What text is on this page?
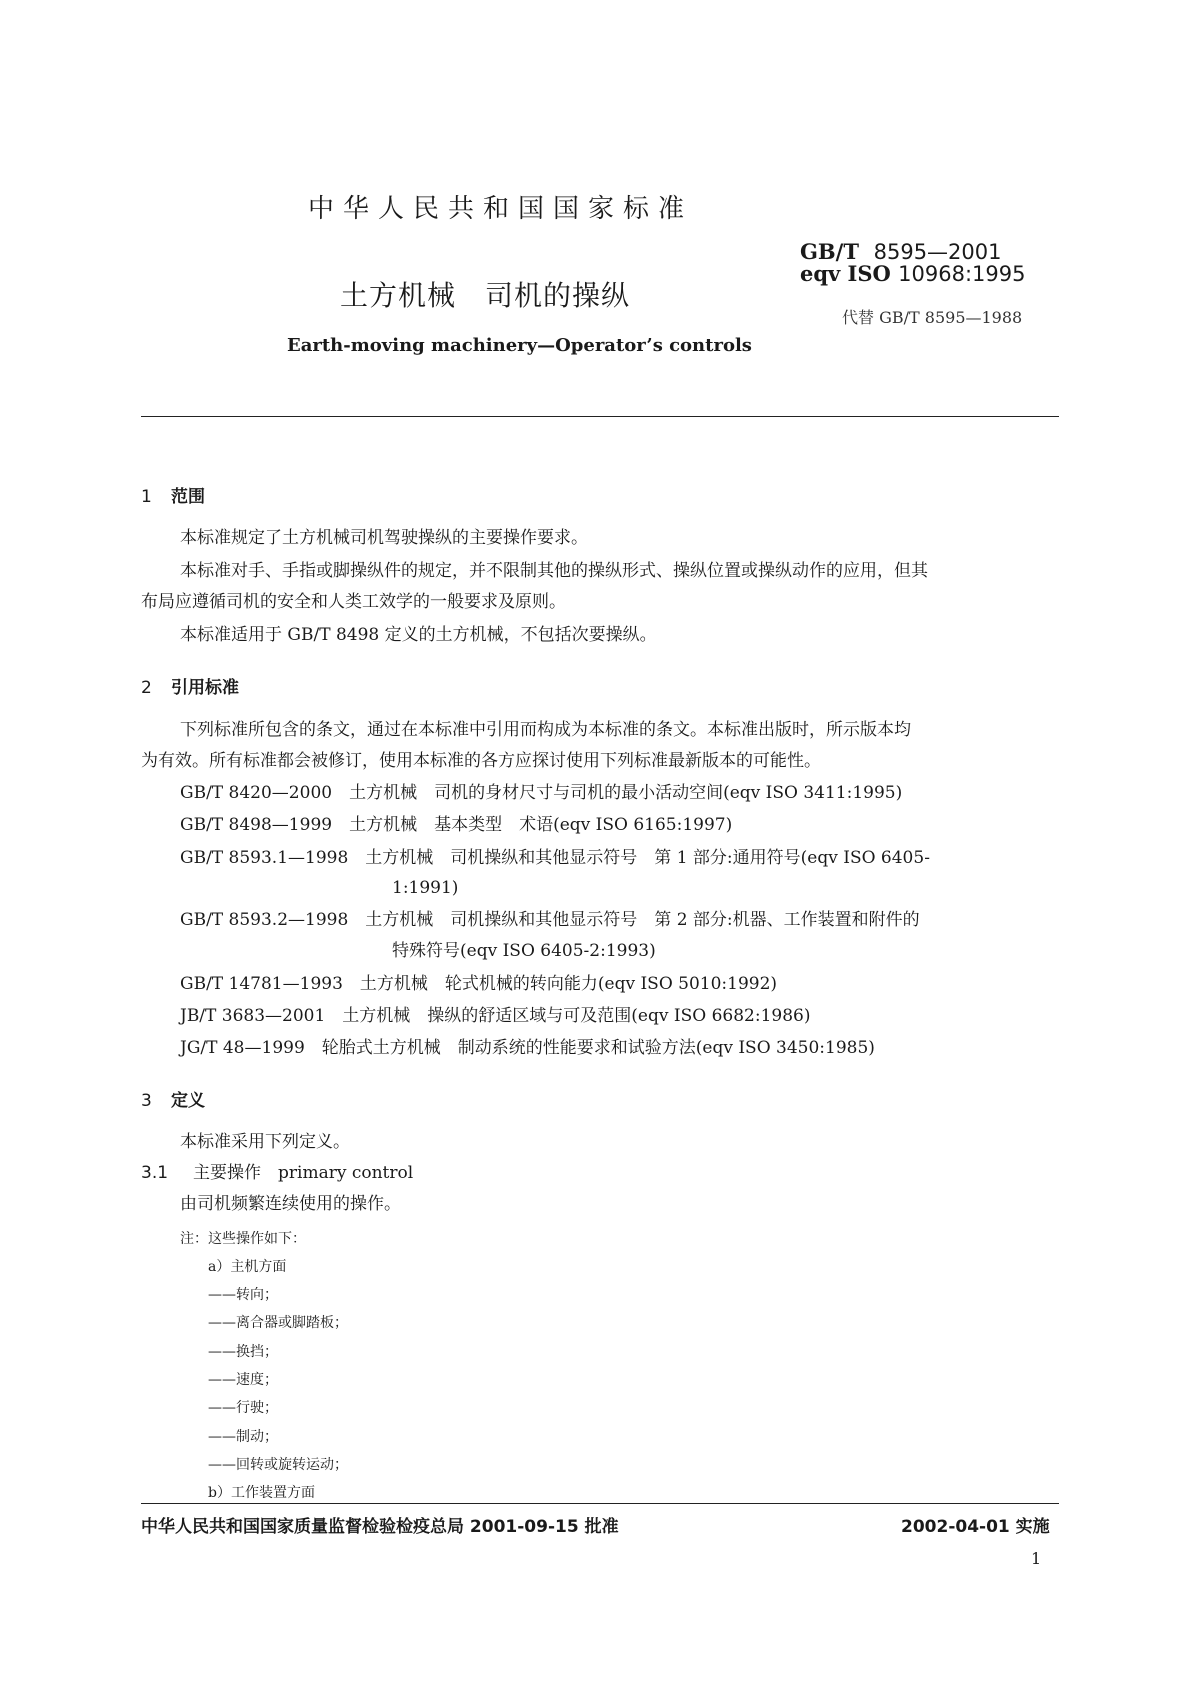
中华人民共和国国家标准
GB/T 8595—2001
eqv ISO 10968:1995
代替 GB/T 8595—1988
土方机械　司机的操纵
Earth-moving machinery—Operator’s controls
1 范围
本标准规定了土方机械司机驾驶操纵的主要操作要求。
本标准对手、手指或脚操纵件的规定，并不限制其他的操纵形式、操纵位置或操纵动作的应用，但其
布局应遵循司机的安全和人类工效学的一般要求及原则。
本标准适用于 GB/T 8498 定义的土方机械，不包括次要操纵。
2 引用标准
下列标准所包含的条文，通过在本标准中引用而构成为本标准的条文。本标准出版时，所示版本均
为有效。所有标准都会被修订，使用本标准的各方应探讨使用下列标准最新版本的可能性。
GB/T 8420—2000　土方机械　司机的身材尺寸与司机的最小活动空间(eqv ISO 3411:1995)
GB/T 8498—1999　土方机械　基本类型　术语(eqv ISO 6165:1997)
GB/T 8593.1—1998　土方机械　司机操纵和其他显示符号　第 1 部分:通用符号(eqv ISO 6405-
1:1991)
GB/T 8593.2—1998　土方机械　司机操纵和其他显示符号　第 2 部分:机器、工作装置和附件的
特殊符号(eqv ISO 6405-2:1993)
GB/T 14781—1993　土方机械　轮式机械的转向能力(eqv ISO 5010:1992)
JB/T 3683—2001　土方机械　操纵的舒适区域与可及范围(eqv ISO 6682:1986)
JG/T 48—1999　轮胎式土方机械　制动系统的性能要求和试验方法(eqv ISO 3450:1985)
3 定义
本标准采用下列定义。
3.1 主要操作　primary control
由司机频繁连续使用的操作。
注：这些操作如下：
a）主机方面
——转向；
——离合器或脚踏板；
——换挡；
——速度；
——行驶；
——制动；
——回转或旋转运动；
b）工作装置方面
中华人民共和国国家质量监督检验检疫总局 2001-09-15 批准	2002-04-01 实施
1
